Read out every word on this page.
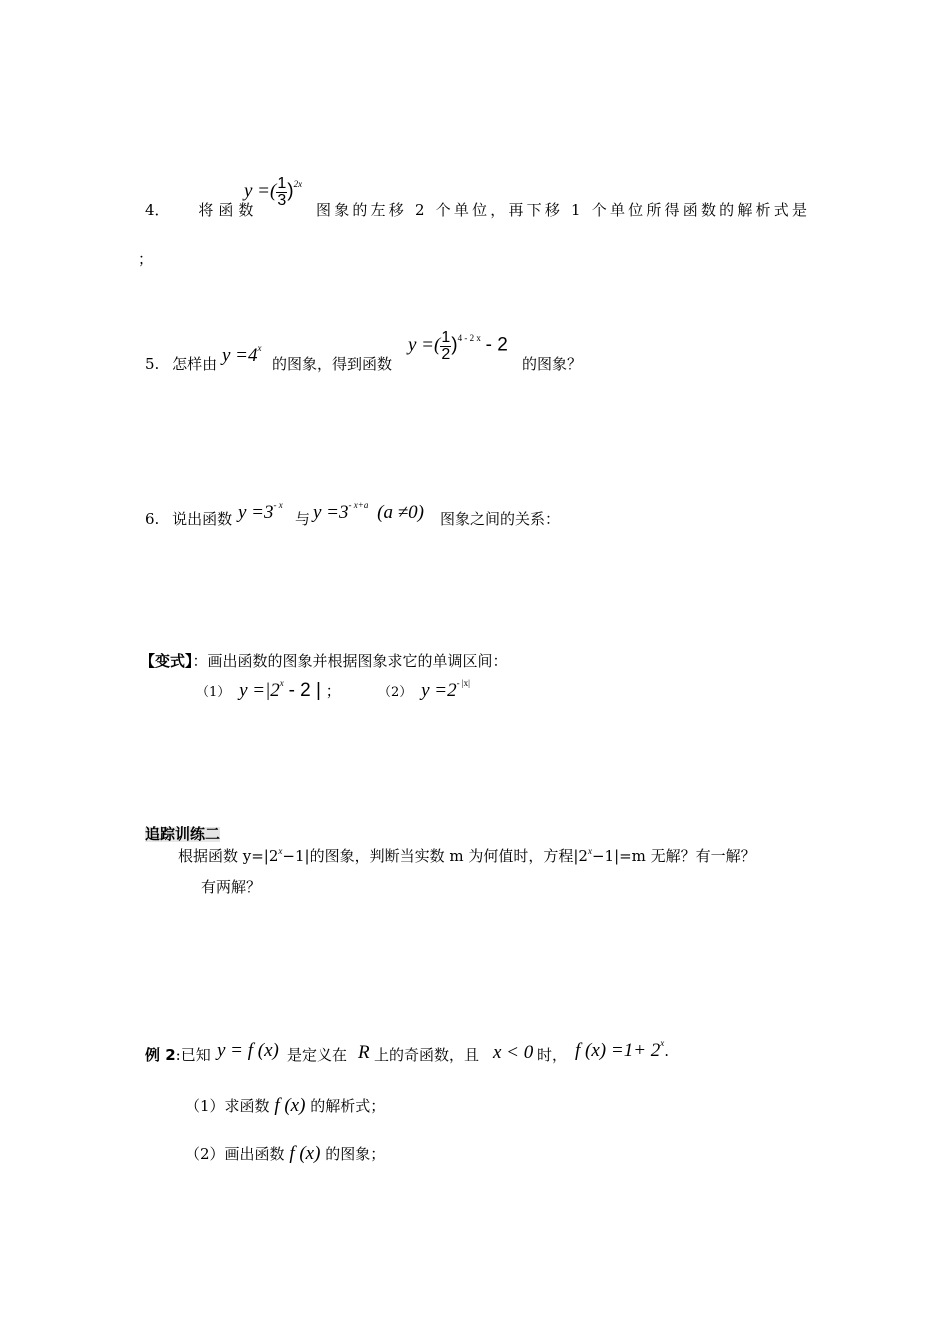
4． 将函数
y =( $\frac{1}{3} )^{2x}$
图象的左移 2 个单位，再下移 1 个单位所得函数的解析式是
；
5. 怎样由 $y =4^x$
的图象，得到函数
y =( $\frac{1}{2} )^{4 - 2 x} - 2$
的图象？
6. 说出函数 $y =3^{- x}$
与 $y =3^{- x+a}$ (a ≠0) 图象之间的关系：
【变式】：画出函数的图象并根据图象求它的单调区间：
（1） $y =|2^x - 2$ | ；	（2） $y =2^{- |x|}$
追踪训练二
根据函数 $y=|2^x-1|$的图象，判断当实数 m 为何值时，方程$|2^x-1|=m$ 无解？有一解？
有两解？
例 2:已知 y = f (x) 是定义在 R 上的奇函数，且 x < 0 时， f $(x) =1+ 2^x$.
（1）求函数 f (x) 的解析式；
（2）画出函数 f (x) 的图象；
